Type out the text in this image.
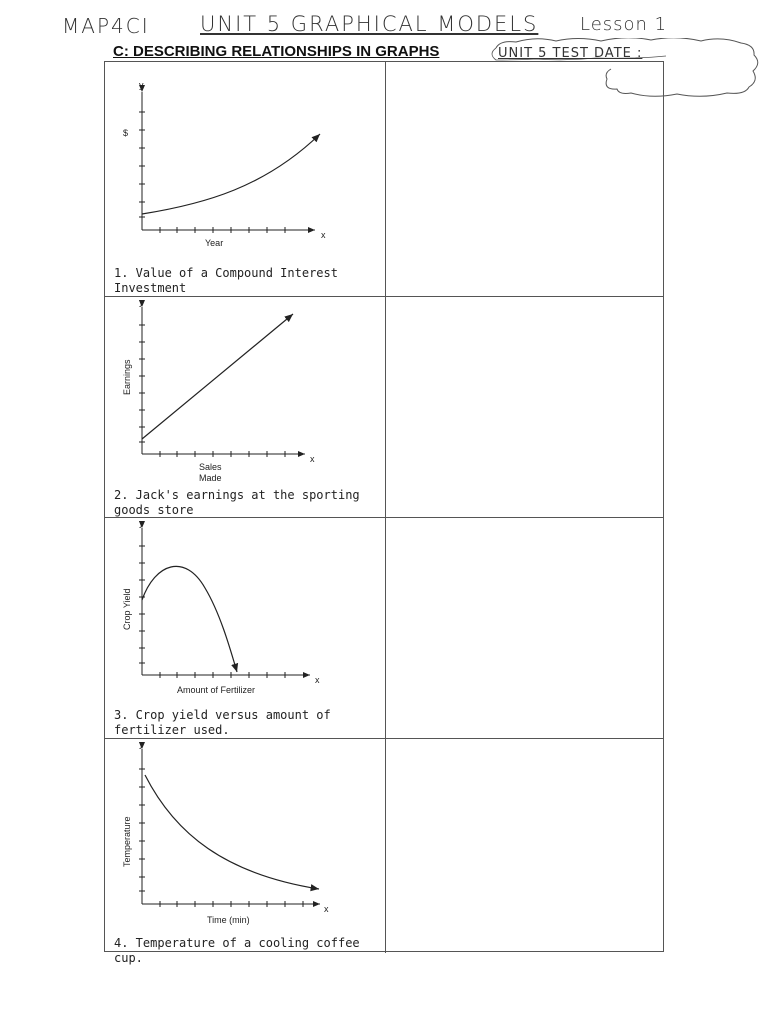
MAP4CI UNIT 5 GRAPHICAL MODELS Lesson 1
C: DESCRIBING RELATIONSHIPS IN GRAPHS	UNIT 5 TEST DATE :
y
x
$
Year
1. Value of a Compound Interest Investment
y
x
Earnings
Sales
Made
2. Jack's earnings at the sporting goods store
y
x
Crop Yield
Amount of Fertilizer
3. Crop yield versus amount of fertilizer used.
y
x
Temperature
Time (min)
4. Temperature of a cooling coffee cup.
